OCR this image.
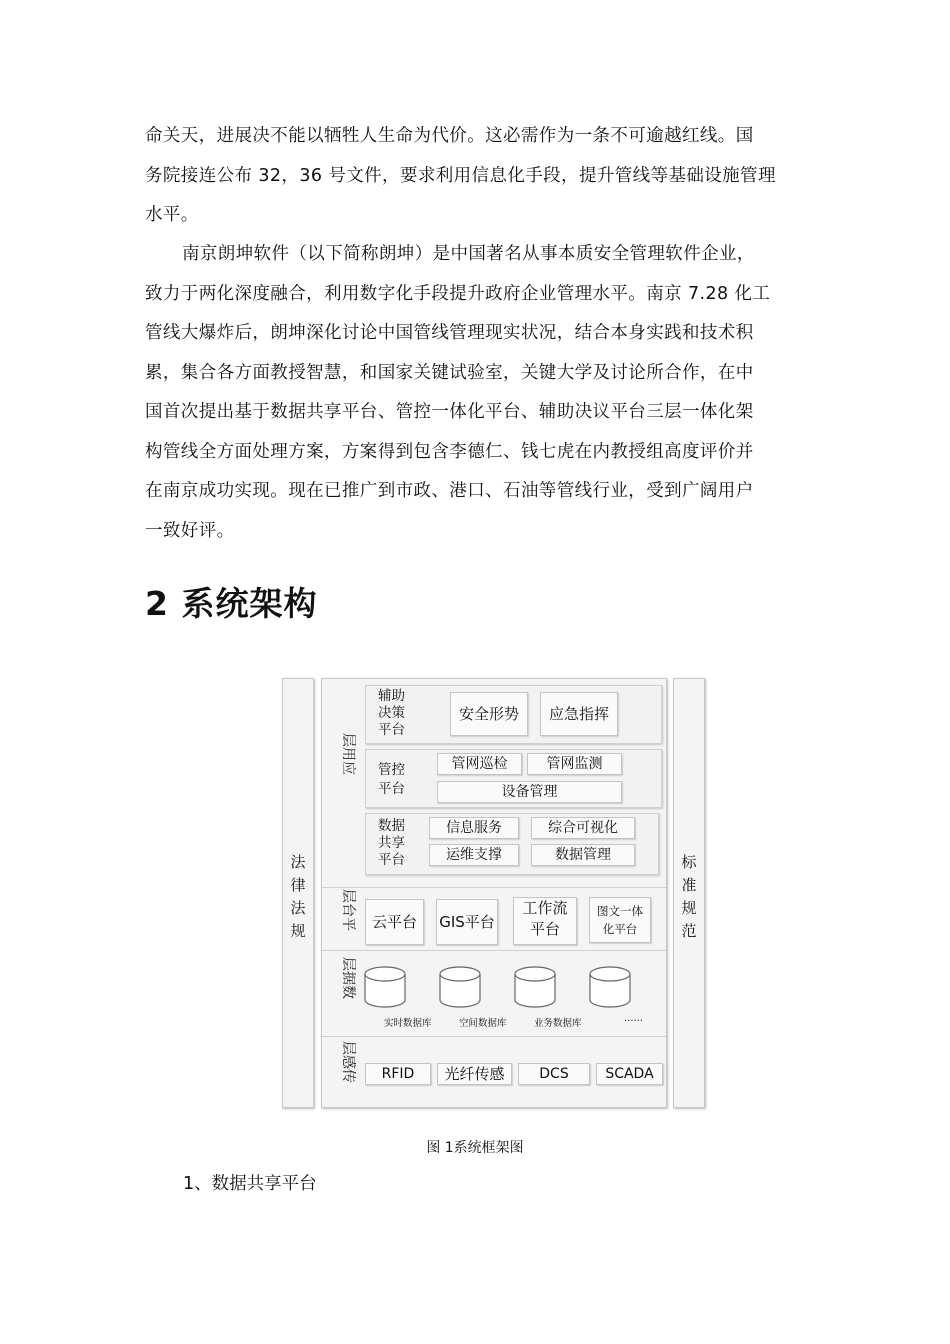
命关天，进展决不能以牺牲人生命为代价。这必需作为一条不可逾越红线。国
务院接连公布 32，36 号文件，要求利用信息化手段，提升管线等基础设施管理
水平。
南京朗坤软件（以下简称朗坤）是中国著名从事本质安全管理软件企业，
致力于两化深度融合，利用数字化手段提升政府企业管理水平。南京 7.28 化工
管线大爆炸后，朗坤深化讨论中国管线管理现实状况，结合本身实践和技术积
累，集合各方面教授智慧，和国家关键试验室，关键大学及讨论所合作，在中
国首次提出基于数据共享平台、管控一体化平台、辅助决议平台三层一体化架
构管线全方面处理方案，方案得到包含李德仁、钱七虎在内教授组高度评价并
在南京成功实现。现在已推广到市政、港口、石油等管线行业，受到广阔用户
一致好评。
2 系统架构
法
律
法
规
标
准
规
范
层用应
层台平
层据数
层感传
辅助
决策
平台
安全形势	应急指挥
管控
平台
管网巡检	管网监测
设备管理
数据
共享
平台
信息服务	综合可视化
运维支撑	数据管理
云平台	GIS平台
工作流
平台
图文一体
化平台
实时数据库	空间数据库	业务数据库	……
RFID	光纤传感	DCS	SCADA
图 1系统框架图
1、数据共享平台
